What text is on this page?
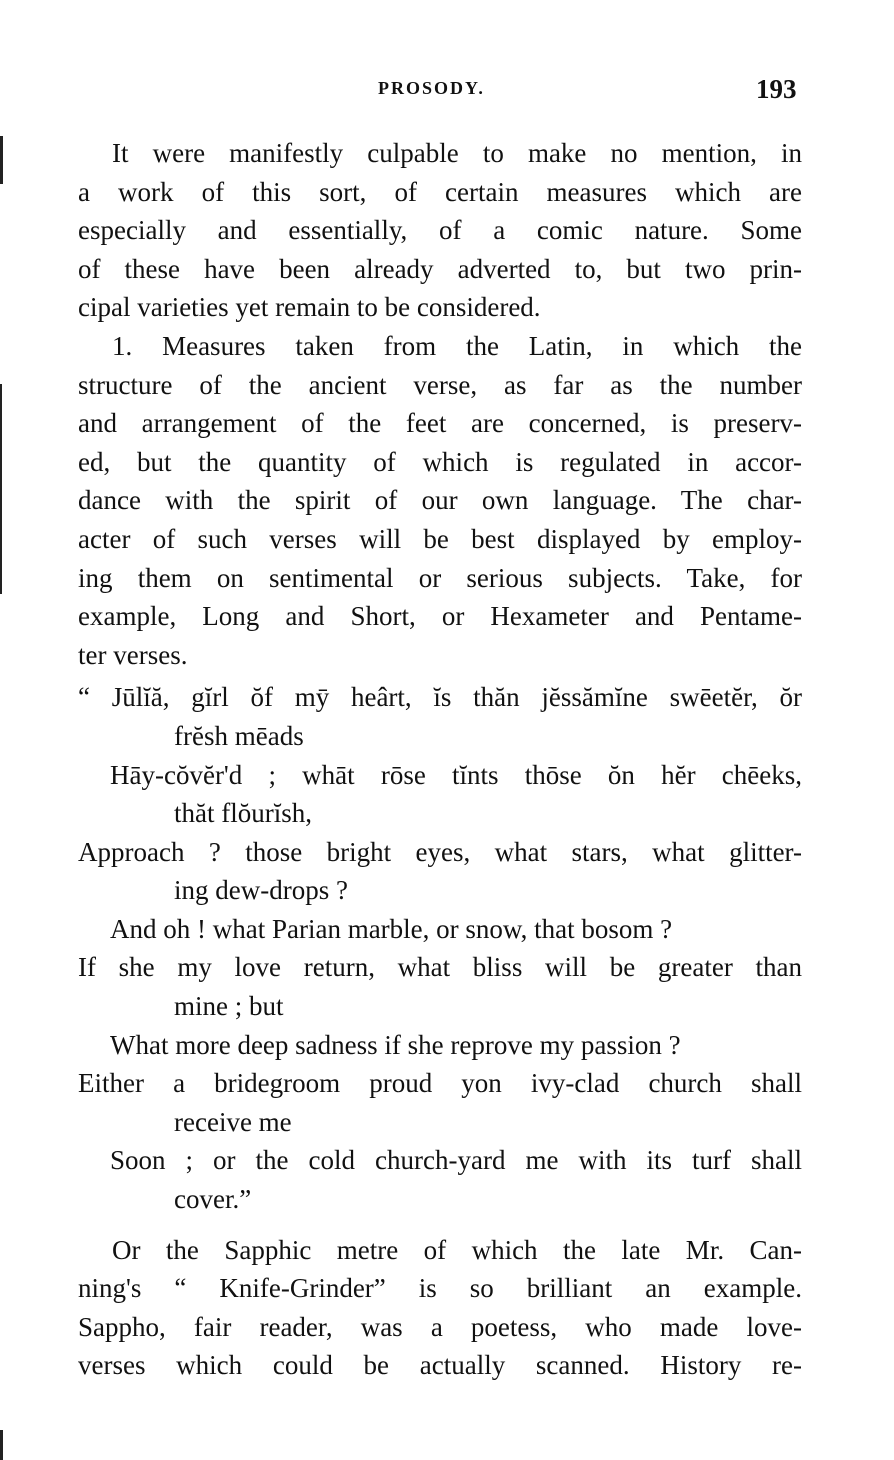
PROSODY.	193

It were manifestly culpable to make no mention, in
a work of this sort, of certain measures which are
especially and essentially, of a comic nature. Some
of these have been already adverted to, but two prin-
cipal varieties yet remain to be considered.

1. Measures taken from the Latin, in which the
structure of the ancient verse, as far as the number
and arrangement of the feet are concerned, is preserv-
ed, but the quantity of which is regulated in accor-
dance with the spirit of our own language. The char-
acter of such verses will be best displayed by employ-
ing them on sentimental or serious subjects. Take, for
example, Long and Short, or Hexameter and Pentame-
ter verses.

“ Jūlĭă, gĭrl ŏf mȳ heârt, ĭs thăn jĕssămĭne swēetĕr, ŏr
frĕsh mēads
Hāy-cŏvĕr'd ; whāt rōse tĭnts thōse ŏn hĕr chēeks,
thăt flŏurĭsh,
Approach ? those bright eyes, what stars, what glitter-
ing dew-drops ?
And oh ! what Parian marble, or snow, that bosom ?
If she my love return, what bliss will be greater than
mine ; but
What more deep sadness if she reprove my passion ?
Either a bridegroom proud yon ivy-clad church shall
receive me
Soon ; or the cold church-yard me with its turf shall
cover.”

Or the Sapphic metre of which the late Mr. Can-
ning's “ Knife-Grinder” is so brilliant an example.
Sappho, fair reader, was a poetess, who made love-
verses which could be actually scanned. History re-
